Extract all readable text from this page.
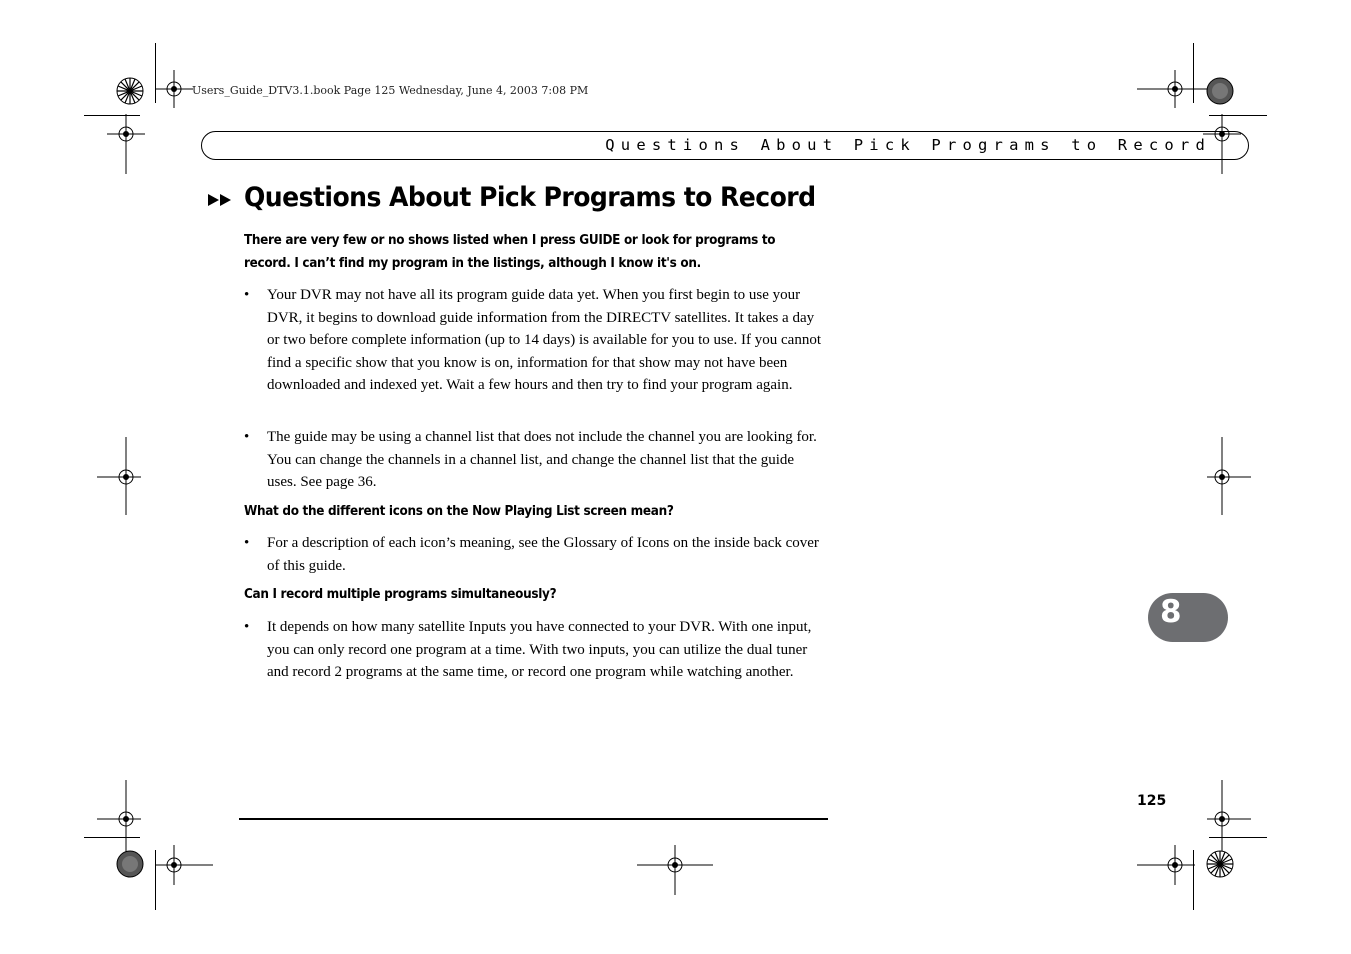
Users_Guide_DTV3.1.book Page 125 Wednesday, June 4, 2003 7:08 PM
Questions About Pick Programs to Record
Questions About Pick Programs to Record

There are very few or no shows listed when I press GUIDE or look for programs to record. I can’t find my program in the listings, although I know it's on.

• Your DVR may not have all its program guide data yet. When you first begin to use your DVR, it begins to download guide information from the DIRECTV satellites. It takes a day or two before complete information (up to 14 days) is available for you to use. If you cannot find a specific show that you know is on, information for that show may not have been downloaded and indexed yet. Wait a few hours and then try to find your program again.
• The guide may be using a channel list that does not include the channel you are looking for. You can change the channels in a channel list, and change the channel list that the guide uses. See page 36.

What do the different icons on the Now Playing List screen mean?

• For a description of each icon’s meaning, see the Glossary of Icons on the inside back cover of this guide.

Can I record multiple programs simultaneously?

• It depends on how many satellite Inputs you have connected to your DVR. With one input, you can only record one program at a time. With two inputs, you can utilize the dual tuner and record 2 programs at the same time, or record one program while watching another.
8
125
